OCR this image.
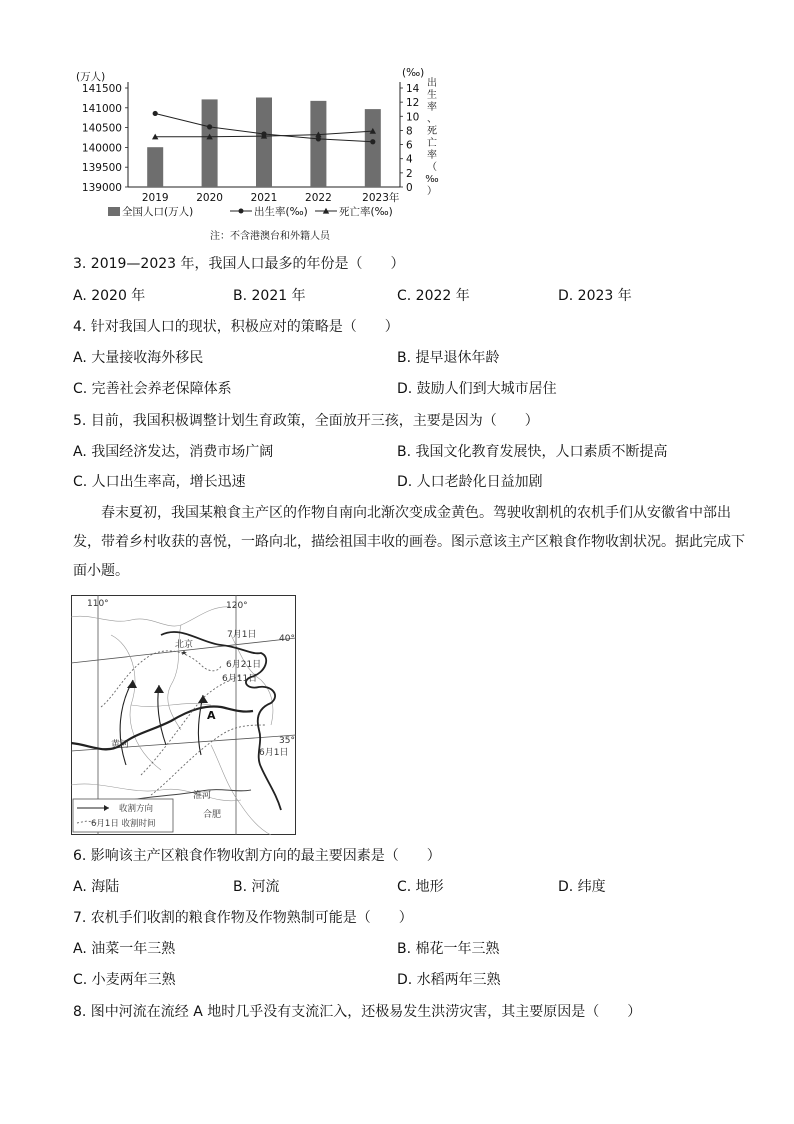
141500
141000
140500
140000
139500
139000
(万人)
14
12
10
8
6
4
2
0
(‰)
出
生
率
、
死
亡
率
（
‰
）
2019	2020	2021	2022	2023年
全国人口(万人)	出生率(‰)	死亡率(‰)
注：不含港澳台和外籍人员
3. 2019—2023 年，我国人口最多的年份是（　　）
A. 2020 年	B. 2021 年	C. 2022 年	D. 2023 年
4. 针对我国人口的现状，积极应对的策略是（　　）
A. 大量接收海外移民	B. 提早退休年龄
C. 完善社会养老保障体系	D. 鼓励人们到大城市居住
5. 目前，我国积极调整计划生育政策，全面放开三孩，主要是因为（　　）
A. 我国经济发达，消费市场广阔	B. 我国文化教育发展快，人口素质不断提高
C. 人口出生率高，增长迅速	D. 人口老龄化日益加剧
春末夏初，我国某粮食主产区的作物自南向北渐次变成金黄色。驾驶收割机的农机手们从安徽省中部出发，带着乡村收获的喜悦，一路向北，描绘祖国丰收的画卷。图示意该主产区粮食作物收割状况。据此完成下面小题。
110°	120°
40°
35°
7月1日
6月21日
6月11日
6月1日
北京
A
黄河
淮河
合肥
收割方向
6月1日 收割时间
6. 影响该主产区粮食作物收割方向的最主要因素是（　　）
A. 海陆	B. 河流	C. 地形	D. 纬度
7. 农机手们收割的粮食作物及作物熟制可能是（　　）
A. 油菜一年三熟	B. 棉花一年三熟
C. 小麦两年三熟	D. 水稻两年三熟
8. 图中河流在流经 A 地时几乎没有支流汇入，还极易发生洪涝灾害，其主要原因是（　　）
